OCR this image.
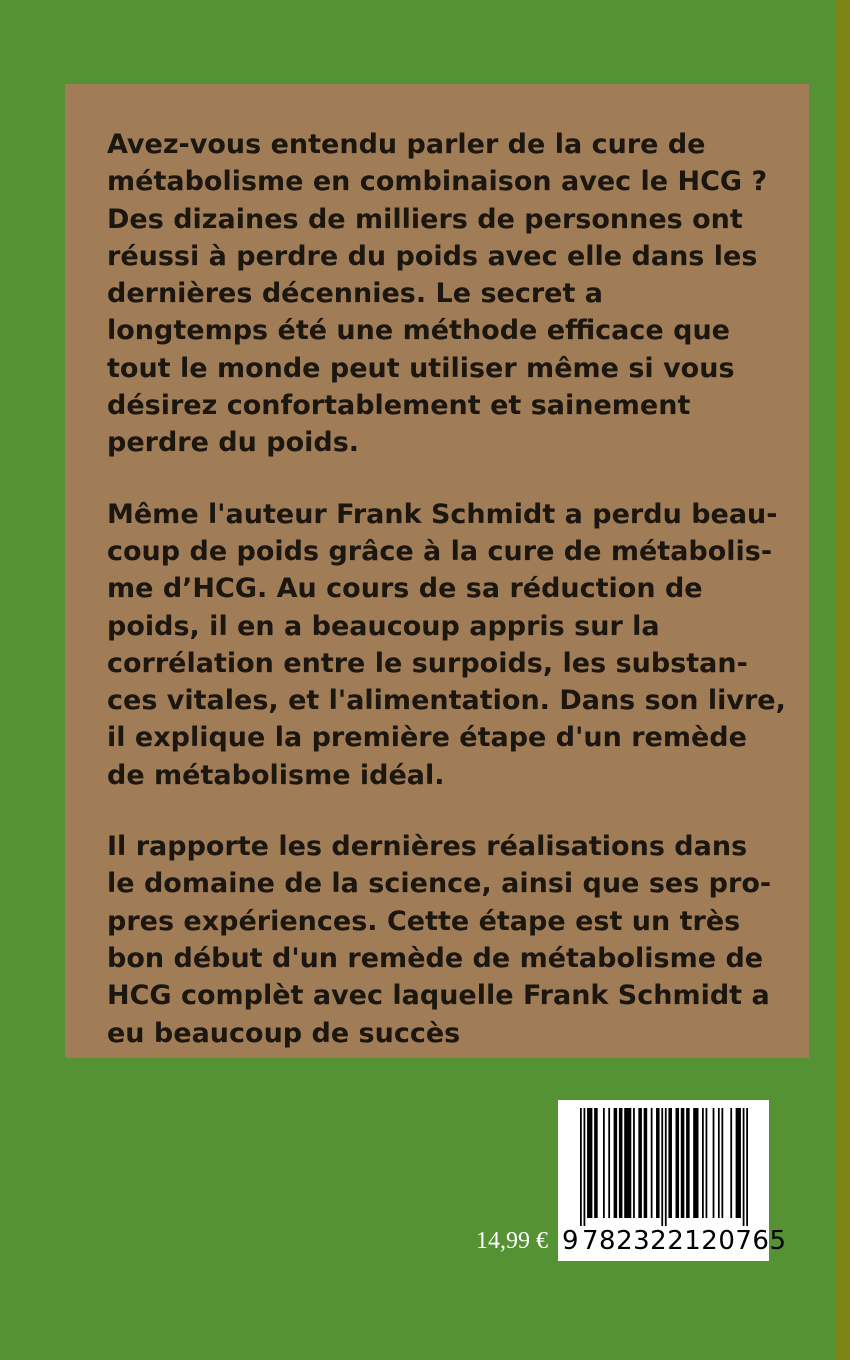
Avez-vous entendu parler de la cure de
métabolisme en combinaison avec le HCG ?
Des dizaines de milliers de personnes ont
réussi à perdre du poids avec elle dans les
dernières décennies. Le secret a
longtemps été une méthode efficace que
tout le monde peut utiliser même si vous
désirez confortablement et sainement
perdre du poids.

Même l'auteur Frank Schmidt a perdu beau-
coup de poids grâce à la cure de métabolis-
me d’HCG. Au cours de sa réduction de
poids, il en a beaucoup appris sur la
corrélation entre le surpoids, les substan-
ces vitales, et l'alimentation. Dans son livre,
il explique la première étape d'un remède
de métabolisme idéal.

Il rapporte les dernières réalisations dans
le domaine de la science, ainsi que ses pro-
pres expériences. Cette étape est un très
bon début d'un remède de métabolisme de
HCG complèt avec laquelle Frank Schmidt a
eu beaucoup de succès

14,99 €

9

782322120765
